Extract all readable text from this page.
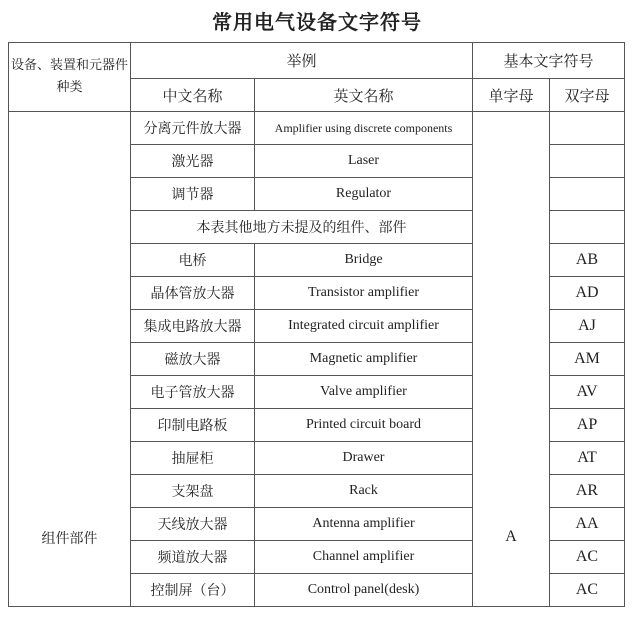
常用电气设备文字符号
设备、装置和元器件种类	举例		基本文字符号	
	中文名称	英文名称	单字母	双字母
组件部件	分离元件放大器	Amplifier using discrete components	A	
	激光器	Laser		
	调节器	Regulator		
	本表其他地方未提及的组件、部件			
	电桥	Bridge		AB
	晶体管放大器	Transistor amplifier		AD
	集成电路放大器	Integrated circuit amplifier		AJ
	磁放大器	Magnetic amplifier		AM
	电子管放大器	Valve amplifier		AV
	印制电路板	Printed circuit board		AP
	抽屉柜	Drawer		AT
	支架盘	Rack		AR
	天线放大器	Antenna amplifier		AA
	频道放大器	Channel amplifier		AC
	控制屏（台）	Control panel(desk)		AC
